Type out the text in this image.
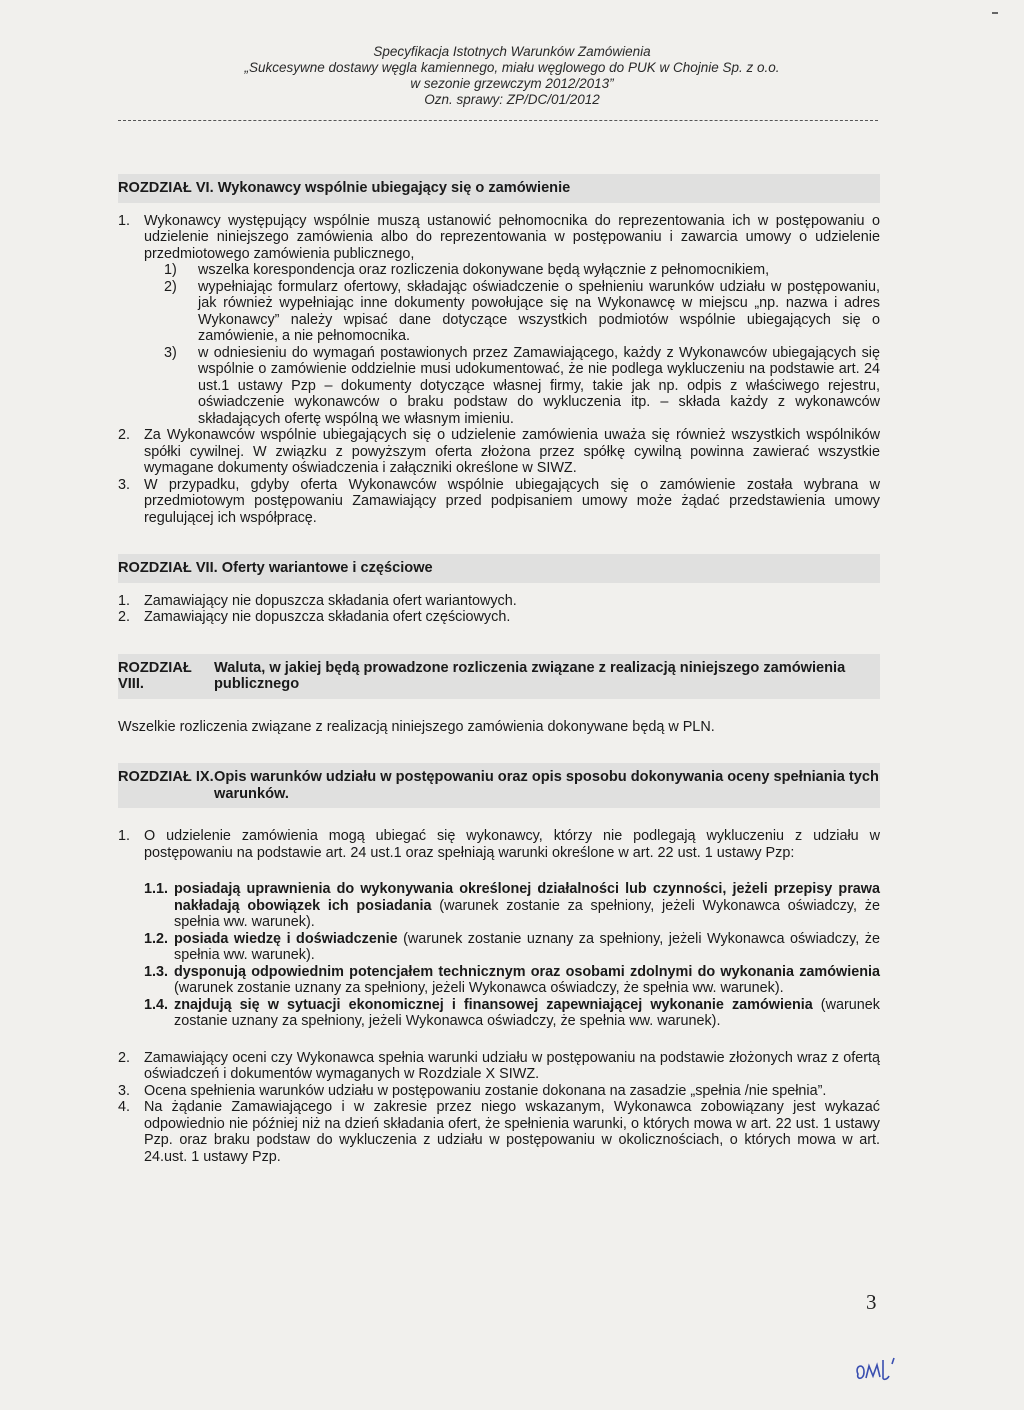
Specyfikacja Istotnych Warunków Zamówienia
„Sukcesywne dostawy węgla kamiennego, miału węglowego do PUK w Chojnie Sp. z o.o.
w sezonie grzewczym 2012/2013”
Ozn. sprawy: ZP/DC/01/2012
ROZDZIAŁ VI. Wykonawcy wspólnie ubiegający się o zamówienie
1. Wykonawcy występujący wspólnie muszą ustanowić pełnomocnika do reprezentowania ich w postępowaniu o udzielenie niniejszego zamówienia albo do reprezentowania w postępowaniu i zawarcia umowy o udzielenie przedmiotowego zamówienia publicznego,
1)	wszelka korespondencja oraz rozliczenia dokonywane będą wyłącznie z pełnomocnikiem,
2)	wypełniając formularz ofertowy, składając oświadczenie o spełnieniu warunków udziału w postępowaniu, jak również wypełniając inne dokumenty powołujące się na Wykonawcę w miejscu „np. nazwa i adres Wykonawcy” należy wpisać dane dotyczące wszystkich podmiotów wspólnie ubiegających się o zamówienie, a nie pełnomocnika.
3)	w odniesieniu do wymagań postawionych przez Zamawiającego, każdy z Wykonawców ubiegających się wspólnie o zamówienie oddzielnie musi udokumentować, że nie podlega wykluczeniu na podstawie art. 24 ust.1 ustawy Pzp – dokumenty dotyczące własnej firmy, takie jak np. odpis z właściwego rejestru, oświadczenie wykonawców o braku podstaw do wykluczenia itp. – składa każdy z wykonawców składających ofertę wspólną we własnym imieniu.
2. Za Wykonawców wspólnie ubiegających się o udzielenie zamówienia uważa się również wszystkich wspólników spółki cywilnej. W związku z powyższym oferta złożona przez spółkę cywilną powinna zawierać wszystkie wymagane dokumenty oświadczenia i załączniki określone w SIWZ.
3. W przypadku, gdyby oferta Wykonawców wspólnie ubiegających się o zamówienie została wybrana w przedmiotowym postępowaniu Zamawiający przed podpisaniem umowy może żądać przedstawienia umowy regulującej ich współpracę.
ROZDZIAŁ VII. Oferty wariantowe i częściowe
1. Zamawiający nie dopuszcza składania ofert wariantowych.
2. Zamawiający nie dopuszcza składania ofert częściowych.
ROZDZIAŁ VIII.
Waluta, w jakiej będą prowadzone rozliczenia związane z realizacją niniejszego zamówienia publicznego

Wszelkie rozliczenia związane z realizacją niniejszego zamówienia dokonywane będą w PLN.

ROZDZIAŁ IX. Opis warunków udziału w postępowaniu oraz opis sposobu dokonywania oceny spełniania tych warunków.
1. O udzielenie zamówienia mogą ubiegać się wykonawcy, którzy nie podlegają wykluczeniu z udziału w postępowaniu na podstawie art. 24 ust.1 oraz spełniają warunki określone w art. 22 ust. 1 ustawy Pzp:
1.1. posiadają uprawnienia do wykonywania określonej działalności lub czynności, jeżeli przepisy prawa nakładają obowiązek ich posiadania (warunek zostanie za spełniony, jeżeli Wykonawca oświadczy, że spełnia ww. warunek).
1.2. posiada wiedzę i doświadczenie (warunek zostanie uznany za spełniony, jeżeli Wykonawca oświadczy, że spełnia ww. warunek).
1.3. dysponują odpowiednim potencjałem technicznym oraz osobami zdolnymi do wykonania zamówienia (warunek zostanie uznany za spełniony, jeżeli Wykonawca oświadczy, że spełnia ww. warunek).
1.4. znajdują się w sytuacji ekonomicznej i finansowej zapewniającej wykonanie zamówienia (warunek zostanie uznany za spełniony, jeżeli Wykonawca oświadczy, że spełnia ww. warunek).
2. Zamawiający oceni czy Wykonawca spełnia warunki udziału w postępowaniu na podstawie złożonych wraz z ofertą oświadczeń i dokumentów wymaganych w Rozdziale X SIWZ.
3. Ocena spełnienia warunków udziału w postępowaniu zostanie dokonana na zasadzie „spełnia /nie spełnia”.
4. Na żądanie Zamawiającego i w zakresie przez niego wskazanym, Wykonawca zobowiązany jest wykazać odpowiednio nie później niż na dzień składania ofert, że spełnienia warunki, o których mowa w art. 22 ust. 1 ustawy Pzp. oraz braku podstaw do wykluczenia z udziału w postępowaniu w okolicznościach, o których mowa w art. 24.ust. 1 ustawy Pzp.
3
